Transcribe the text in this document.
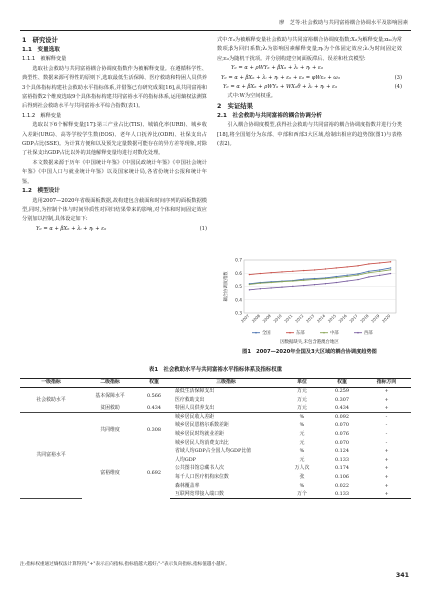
廖　芝等:社会救助与共同富裕耦合协调水平及影响因素
1　研究设计
1.1　变量选取
1.1.1　被解释变量
选取社会救助与共同富裕耦合协调度指数作为被解释变量。在遵循科学性、典型性、数据来源可得性的原则下,选取最低生活保障、医疗救助和特困人员供养3个具体指标构建社会救助水平指标体系,并借鉴已有研究成果[16],从共同富裕和富裕指数2个维度选取9个具体指标构建共同富裕水平的指标体系,运用熵权法测算后得到社会救助水平与共同富裕水平综合指数(表1)。
1.1.2　解释变量
选取以下6个解释变量[17]:第三产业占比(TIS)、城镇化率(URB)、城乡收入差距(URG)、高等学校学生数(EOS)、老年人口抚养比(ODR)、社保支出占GDP占比(SSE)。为计算方便和以及预先定量数据可能存在的异方差等现象,对除了社保支出GDP占比以外的其他解释变量均进行对数化处理。
本文数据来源于历年《中国统计年鉴》《中国民政统计年鉴》《中国社会统计年鉴》《中国人口与就业统计年鉴》以及国家统计局,各省份统计公报和统计年鉴。
1.2　模型设计
选用2007—2020年省级面板数据,故构建包含截面和时间序列的面板数据模型,同时,为控制个体与时间异质性对回归结果带来的影响,对个体和时间固定效应分别加以控制,具体设定如下:
Yᵢₜ = α + βXᵢₜ + λᵢ + ηₜ + εᵢₜ	(1)
式中:Yᵢₜ为被解释变量社会救助与共同富裕耦合协调度指数;Xᵢₜ为解释变量;αᵢ₀为常数项;β为回归系数;λᵢ为影响因素解释变量;ηₜ为个体固定效应;λᵢ为时间固定效应;εᵢₜ为随机干扰项。并分别构建空间面板滞后、误差和杜宾模型:
Yᵢₜ = α + ρWYᵢₜ + βXᵢₜ + λᵢ + ηₜ + εᵢₜ
Yᵢₜ = α + βXᵢₜ + λᵢ + ηₜ + εᵢₜ + εᵢₜ = φWεᵢₜ + ωᵢₜ	(3)
Yᵢₜ = α + βXᵢₜ + ρWYᵢₜ + WXᵢₜθ + λᵢ + ηₜ + εᵢₜ	(4)
式中:W为空间权重。
2　实证结果
2.1　社会救助与共同富裕的耦合协调分析
引入耦合协调度模型,获得社会救助与共同富裕的耦合协调度指数并进行分类[18],将全国划分为东部、中部和西部3大区域,绘制出相应的趋势图(图1)与表格(表2)。
0.3
0.4
0.5
0.6
0.7
2007 2008 2009 2010 2011 2012 2013 2014 2015 2016 2017 2018 2019 2020
耦合协调度指数
全国	东部	中部	西部
因数据缺失,未包含港澳台地区
图1　2007—2020年全国及3大区域的耦合协调度趋势图
表1　社会救助水平与共同富裕水平指标体系及指标权重
一级指标	二级指标	权重	三级指标	单位	权重	指标方向
社会救助水平	基本保障水平	0.566	最低生活保障支出	万元	0.259	+
			医疗救助支出	万元	0.307	+
	贫困救助	0.434	特困人员供养支出	万元	0.434	+
共同富裕水平	共同维度	0.308	城乡居民收入差距	%	0.092	-
			城乡居民恩格尔系数差距	%	0.070	-
			城乡居民时均就业差距	元	0.076	-
			城乡居民人均消费支出比	元	0.070	-
	富裕维度	0.692	省域人均GDP占全国人均GDP比值	%	0.124	+
			人均GDP	元	0.133	+
			公共图书馆总藏书人次	万人次	0.174	+
			每千人口医疗机构床位数	张	0.106	+
			森林覆盖率	%	0.022	+
			互联网宽带接入端口数	万个	0.133	+
注:指标权重通过熵权法计算得到;"+"表示正向指标,指标值越大越好;"-"表示负向指标,指标值越小越好。
341
